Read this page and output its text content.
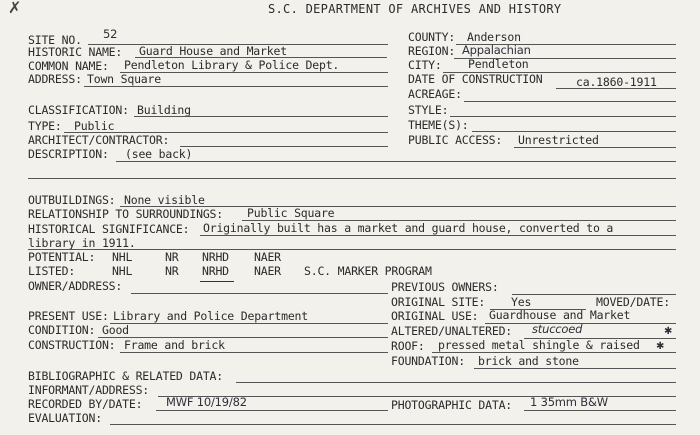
S.C. DEPARTMENT OF ARCHIVES AND HISTORY
✗
SITE NO. 52
HISTORIC NAME: Guard House and Market
COMMON NAME: Pendleton Library & Police Dept.
ADDRESS: Town Square
CLASSIFICATION: Building
TYPE: Public
ARCHITECT/CONTRACTOR:
DESCRIPTION: (see back)
COUNTY: Anderson
REGION: Appalachian
CITY: Pendleton
DATE OF CONSTRUCTION	ca.1860-1911
ACREAGE:
STYLE:
THEME(S):
PUBLIC ACCESS: Unrestricted
OUTBUILDINGS: None visible
RELATIONSHIP TO SURROUNDINGS: Public Square
HISTORICAL SIGNIFICANCE: Originally built has a market and guard house, converted to a
library in 1911.
POTENTIAL: NHL	NR NRHD NAER
LISTED:	NHL	NR NRHD NAER S.C. MARKER PROGRAM
OWNER/ADDRESS:
PRESENT USE: Library and Police Department
CONDITION: Good
CONSTRUCTION: Frame and brick
PREVIOUS OWNERS:
ORIGINAL SITE: Yes	MOVED/DATE:
ORIGINAL USE: Guardhouse and Market
ALTERED/UNALTERED: stuccoed	✱
ROOF: pressed metal shingle & raised ✱
FOUNDATION: brick and stone
BIBLIOGRAPHIC & RELATED DATA:
INFORMANT/ADDRESS:
RECORDED BY/DATE: MWF 10/19/82	PHOTOGRAPHIC DATA: 1 35mm B&W
EVALUATION:
